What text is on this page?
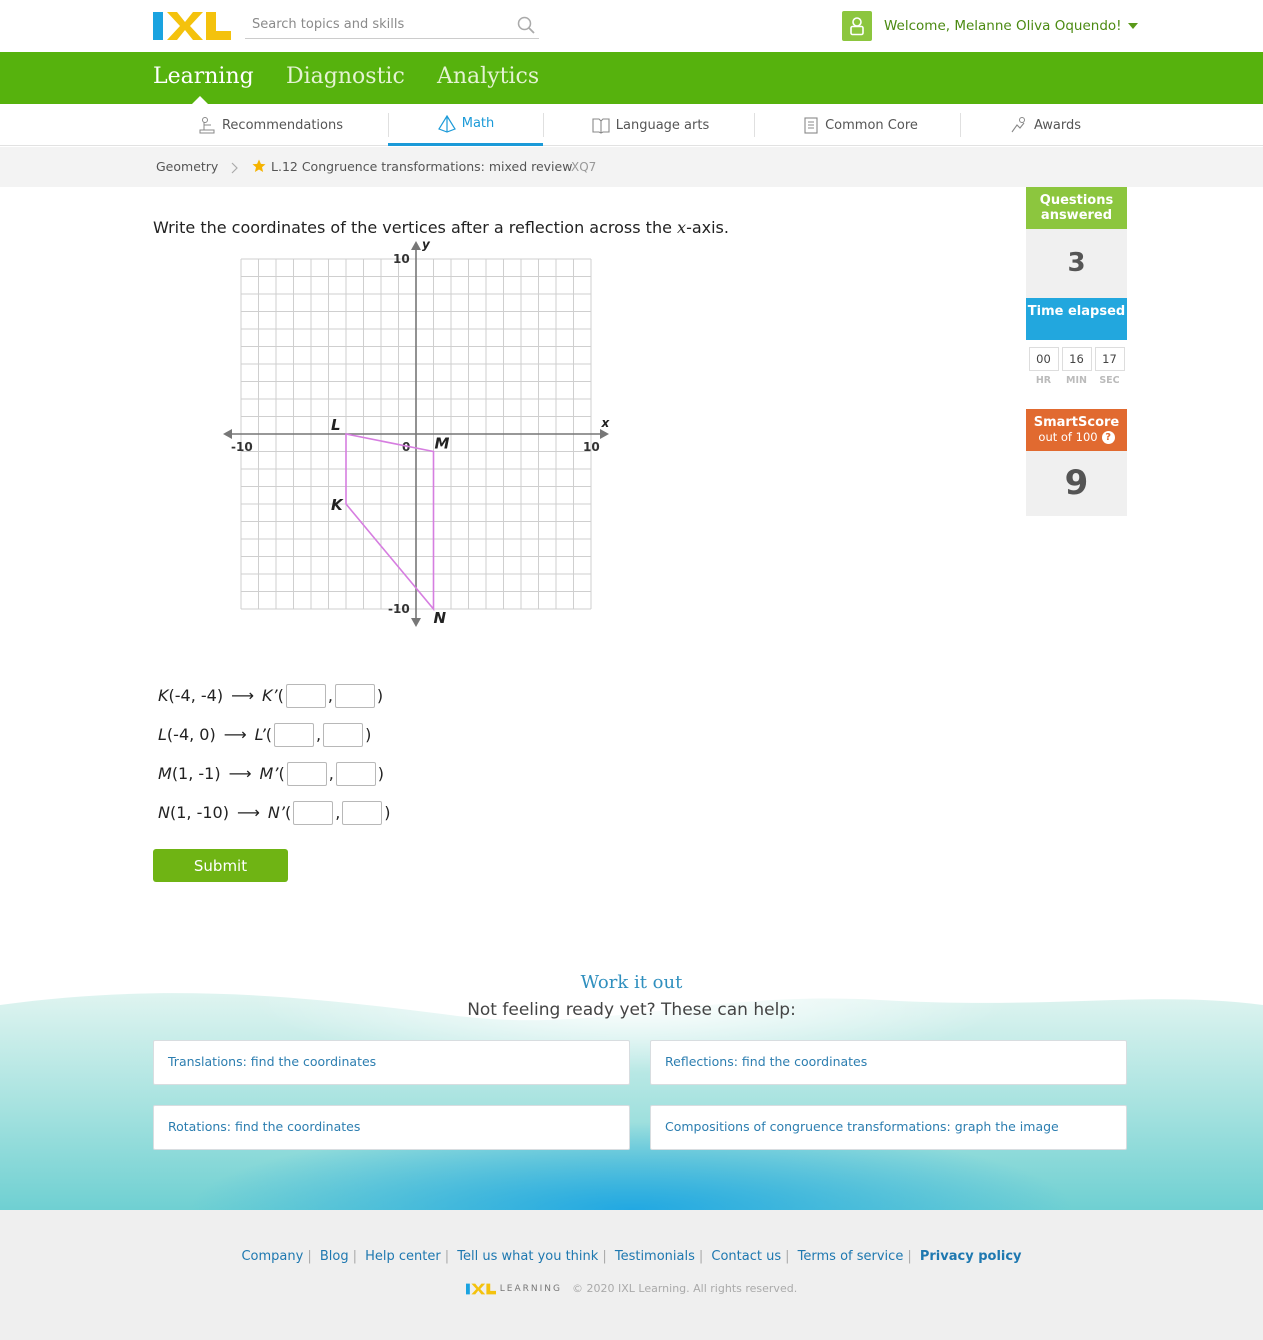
Search topics and skills
Welcome, Melanne Oliva Oquendo!
Learning Diagnostic Analytics
Recommendations	Math	Language arts	Common Core	Awards
Geometry	L.12 Congruence transformations: mixed review
XQ7
Write the coordinates of the vertices after a reflection across the x-axis.
-10	10
10
-10
0
x
y
K
L
M
N
K (-4, -4) ⟶ K’ (	,	)
L (-4, 0) ⟶ L’ (	,	)
M (1, -1) ⟶ M’ (	,	)
N (1, -10) ⟶ N’ (	,	)
Submit
Questions answered
3
Time elapsed
00
HR
16
MIN
17
SEC
SmartScore
out of 100 ?
9
Work it out
Not feeling ready yet? These can help:
Translations: find the coordinates	Reflections: find the coordinates
Rotations: find the coordinates	Compositions of congruence transformations: graph the image
Company | Blog | Help center | Tell us what you think | Testimonials | Contact us | Terms of service | Privacy policy
LEARNING © 2020 IXL Learning. All rights reserved.
